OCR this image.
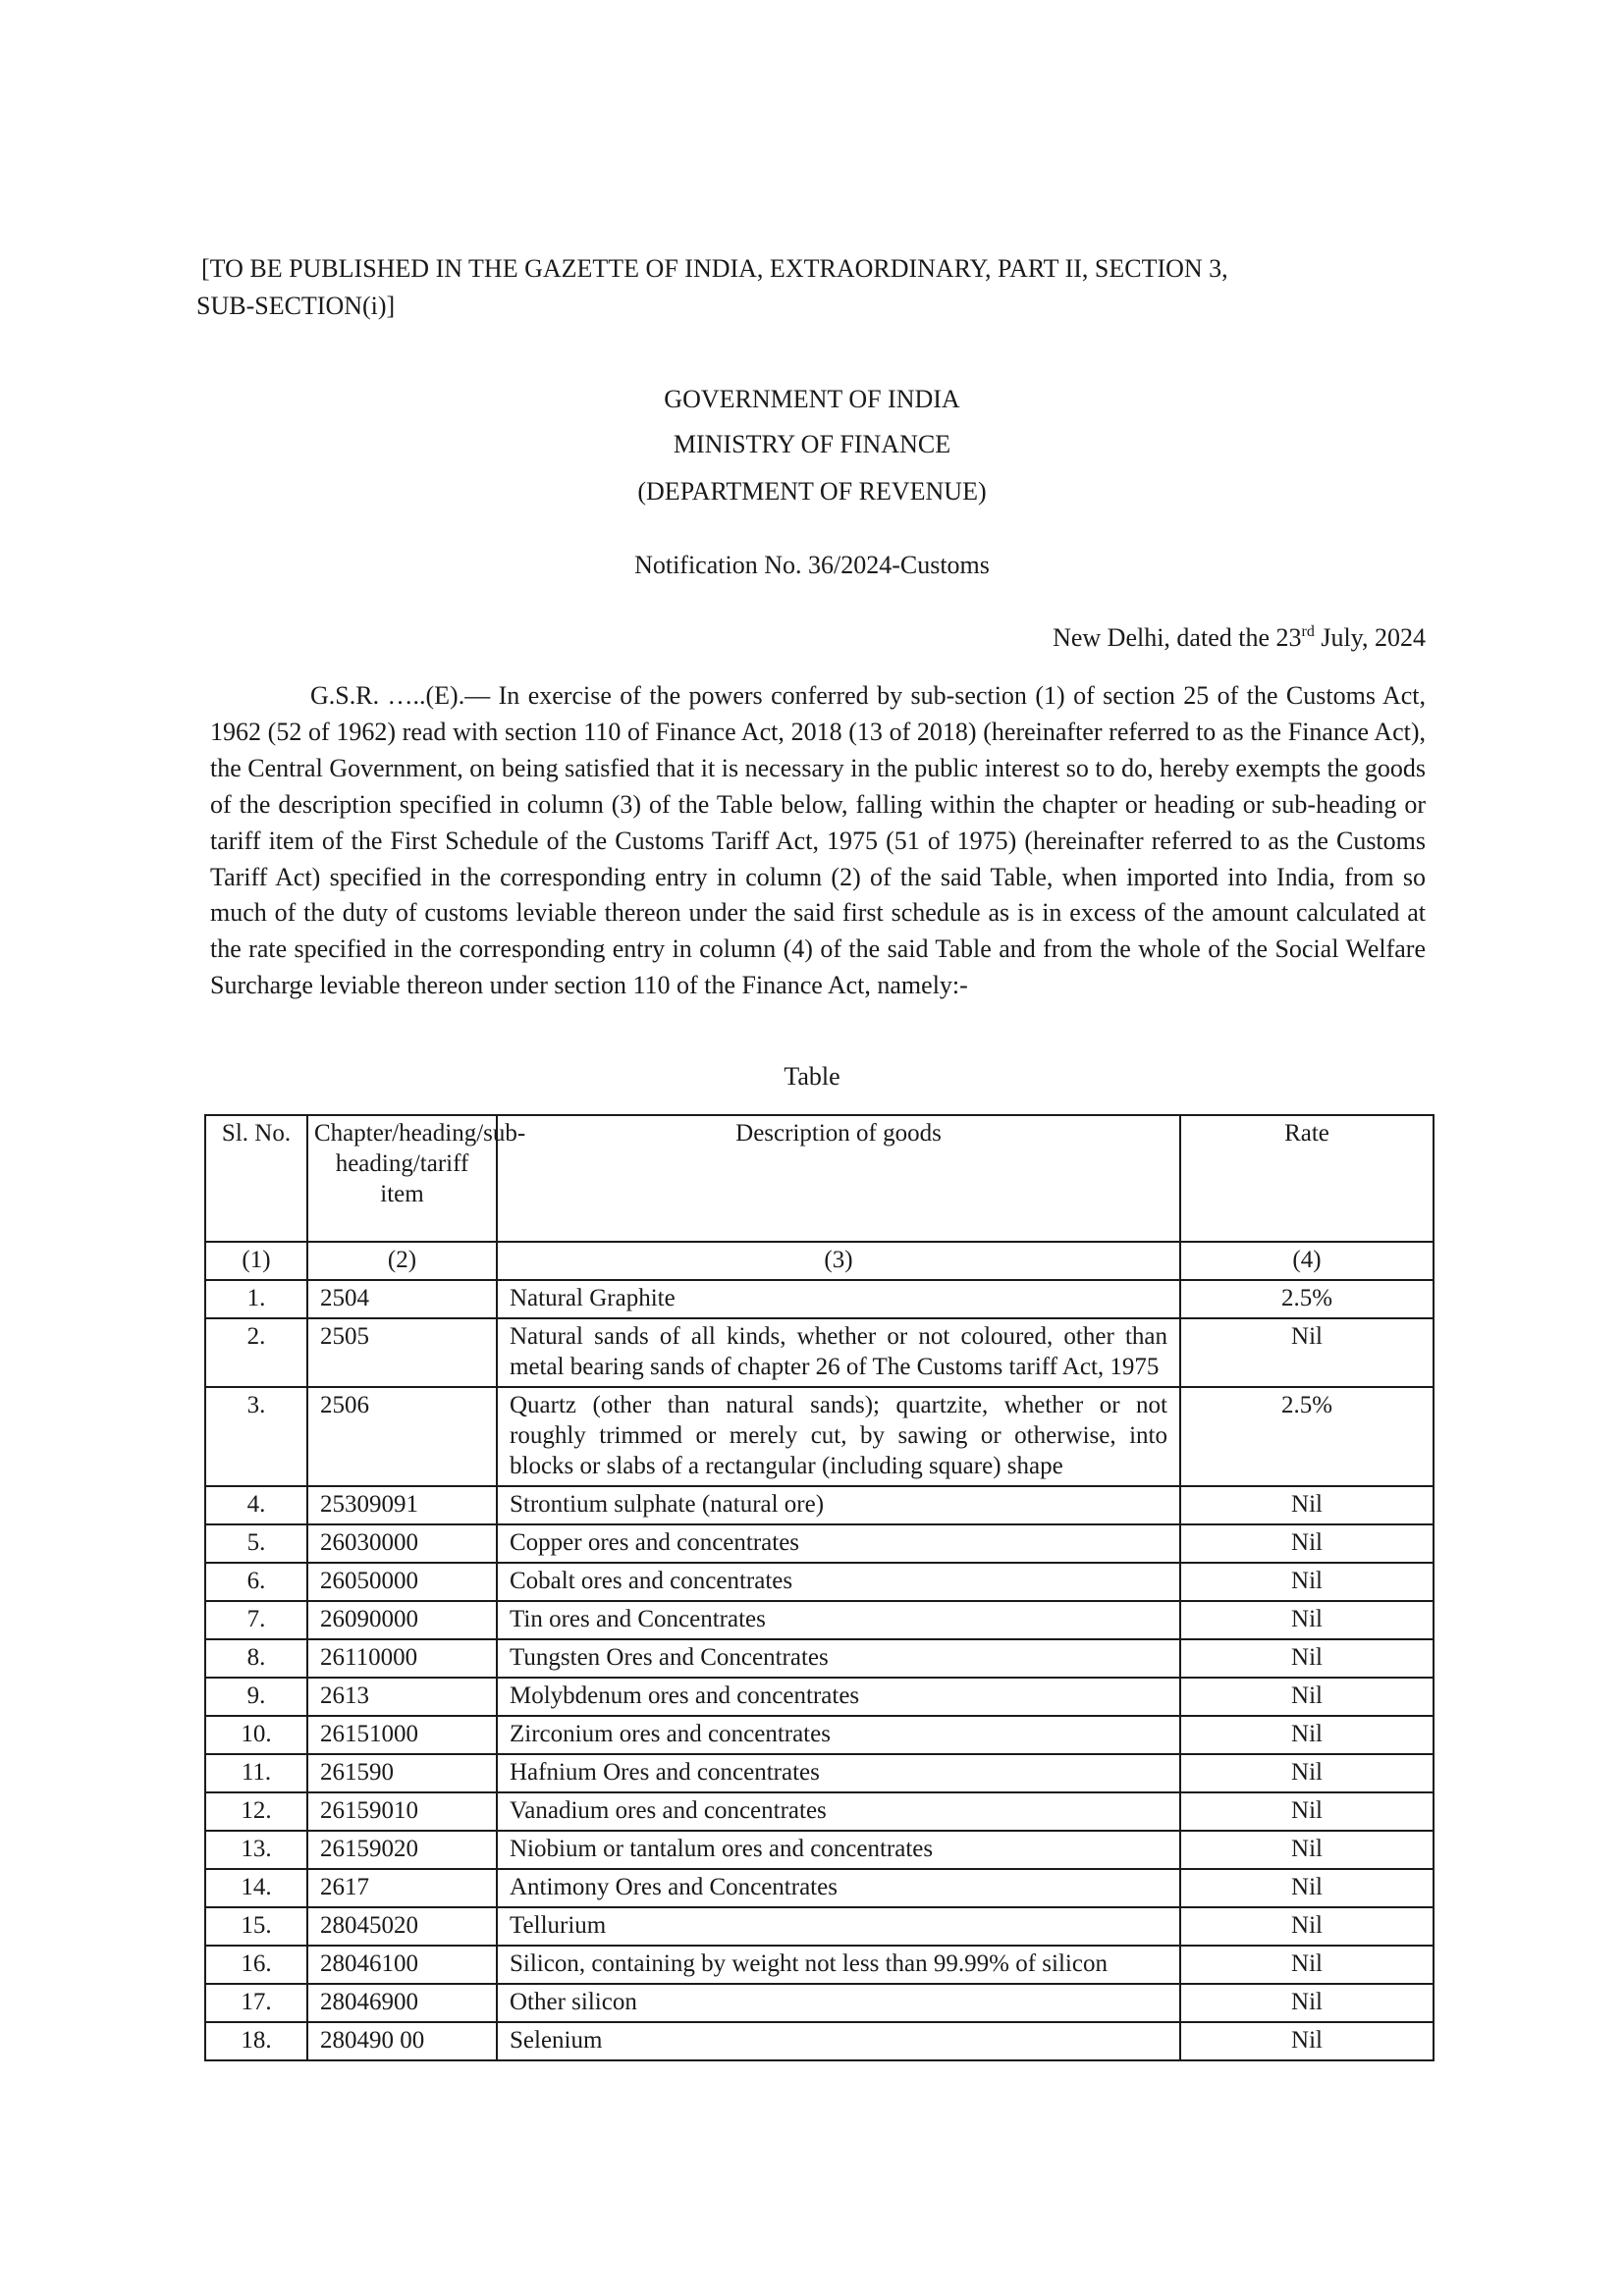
[TO BE PUBLISHED IN THE GAZETTE OF INDIA, EXTRAORDINARY, PART II, SECTION 3,
SUB-SECTION(i)]
GOVERNMENT OF INDIA
MINISTRY OF FINANCE
(DEPARTMENT OF REVENUE)
Notification No. 36/2024-Customs
New Delhi, dated the 23rd July, 2024
G.S.R. …..(E).— In exercise of the powers conferred by sub-section (1) of section 25 of the Customs Act, 1962 (52 of 1962) read with section 110 of Finance Act, 2018 (13 of 2018) (hereinafter referred to as the Finance Act), the Central Government, on being satisfied that it is necessary in the public interest so to do, hereby exempts the goods of the description specified in column (3) of the Table below, falling within the chapter or heading or sub-heading or tariff item of the First Schedule of the Customs Tariff Act, 1975 (51 of 1975) (hereinafter referred to as the Customs Tariff Act) specified in the corresponding entry in column (2) of the said Table, when imported into India, from so much of the duty of customs leviable thereon under the said first schedule as is in excess of the amount calculated at the rate specified in the corresponding entry in column (4) of the said Table and from the whole of the Social Welfare Surcharge leviable thereon under section 110 of the Finance Act, namely:-
Table
Sl. No.	Chapter/heading/sub-heading/tariff item	Description of goods	Rate
(1)	(2)	(3)	(4)
1.	2504	Natural Graphite	2.5%
2.	2505	Natural sands of all kinds, whether or not coloured, other than metal bearing sands of chapter 26 of The Customs tariff Act, 1975	Nil
3.	2506	Quartz (other than natural sands); quartzite, whether or not roughly trimmed or merely cut, by sawing or otherwise, into blocks or slabs of a rectangular (including square) shape	2.5%
4.	25309091	Strontium sulphate (natural ore)	Nil
5.	26030000	Copper ores and concentrates	Nil
6.	26050000	Cobalt ores and concentrates	Nil
7.	26090000	Tin ores and Concentrates	Nil
8.	26110000	Tungsten Ores and Concentrates	Nil
9.	2613	Molybdenum ores and concentrates	Nil
10.	26151000	Zirconium ores and concentrates	Nil
11.	261590	Hafnium Ores and concentrates	Nil
12.	26159010	Vanadium ores and concentrates	Nil
13.	26159020	Niobium or tantalum ores and concentrates	Nil
14.	2617	Antimony Ores and Concentrates	Nil
15.	28045020	Tellurium	Nil
16.	28046100	Silicon, containing by weight not less than 99.99% of silicon	Nil
17.	28046900	Other silicon	Nil
18.	280490 00	Selenium	Nil
